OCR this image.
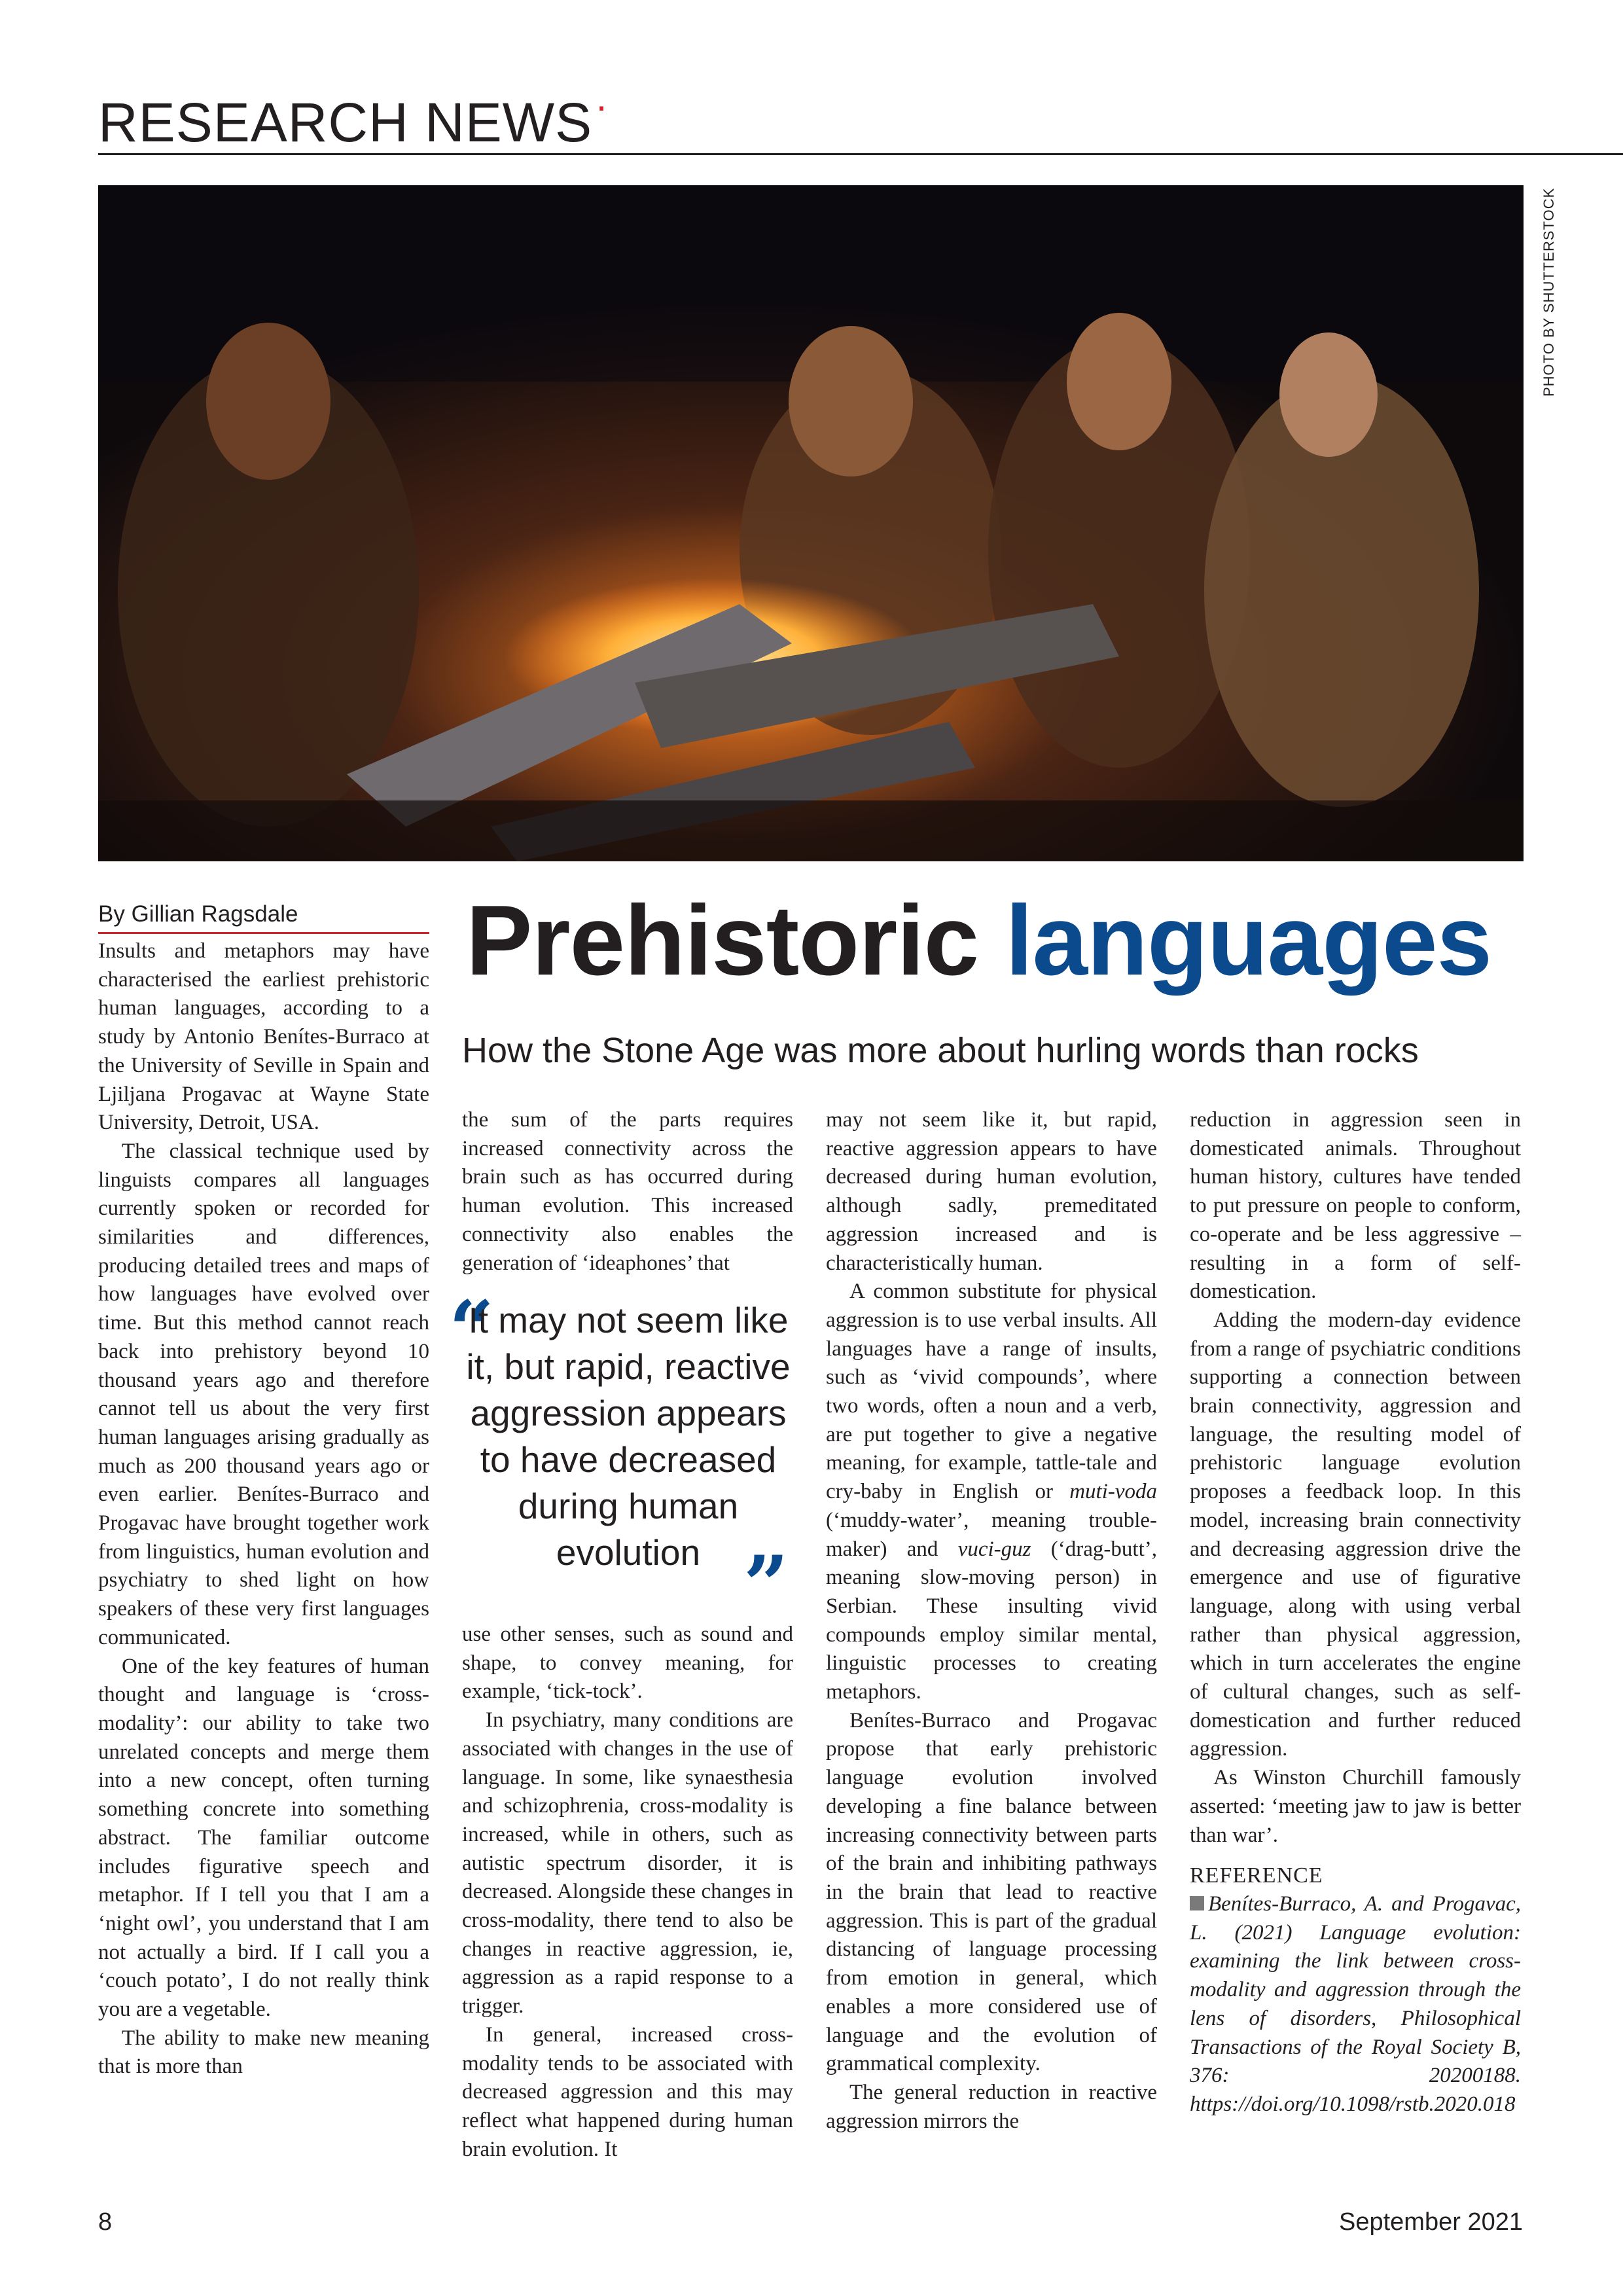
RESEARCH NEWS·
PHOTO BY SHUTTERSTOCK
By Gillian Ragsdale Prehistoric languages
How the Stone Age was more about hurling words than rocks

Insults and metaphors may have characterised the earliest prehistoric human languages, according to a study by Antonio Benítes-Burraco at the University of Seville in Spain and Ljiljana Progavac at Wayne State University, Detroit, USA.

The classical technique used by linguists compares all languages currently spoken or recorded for similarities and differences, producing detailed trees and maps of how languages have evolved over time. But this method cannot reach back into prehistory beyond 10 thousand years ago and therefore cannot tell us about the very first human languages arising gradually as much as 200 thousand years ago or even earlier. Benítes-Burraco and Progavac have brought together work from linguistics, human evolution and psychiatry to shed light on how speakers of these very first languages communicated.

One of the key features of human thought and language is ‘cross-modality’: our ability to take two unrelated concepts and merge them into a new concept, often turning something concrete into something abstract. The familiar outcome includes figurative speech and metaphor. If I tell you that I am a ‘night owl’, you understand that I am not actually a bird. If I call you a ‘couch potato’, I do not really think you are a vegetable.

The ability to make new meaning that is more than

the sum of the parts requires increased connectivity across the brain such as has occurred during human evolution. This increased connectivity also enables the generation of ‘ideaphones’ that

“
It may not seem like it, but rapid, reactive aggression appears to have decreased during human evolution ”

use other senses, such as sound and shape, to convey meaning, for example, ‘tick-tock’.

In psychiatry, many conditions are associated with changes in the use of language. In some, like synaesthesia and schizophrenia, cross-modality is increased, while in others, such as autistic spectrum disorder, it is decreased. Alongside these changes in cross-modality, there tend to also be changes in reactive aggression, ie, aggression as a rapid response to a trigger.

In general, increased cross-modality tends to be associated with decreased aggression and this may reflect what happened during human brain evolution. It

may not seem like it, but rapid, reactive aggression appears to have decreased during human evolution, although sadly, premeditated aggression increased and is characteristically human.

A common substitute for physical aggression is to use verbal insults. All languages have a range of insults, such as ‘vivid compounds’, where two words, often a noun and a verb, are put together to give a negative meaning, for example, tattle-tale and cry-baby in English or muti-voda (‘muddy-water’, meaning trouble-maker) and vuci-guz (‘drag-butt’, meaning slow-moving person) in Serbian. These insulting vivid compounds employ similar mental, linguistic processes to creating metaphors.

Benítes-Burraco and Progavac propose that early prehistoric language evolution involved developing a fine balance between increasing connectivity between parts of the brain and inhibiting pathways in the brain that lead to reactive aggression. This is part of the gradual distancing of language processing from emotion in general, which enables a more considered use of language and the evolution of grammatical complexity.

The general reduction in reactive aggression mirrors the

reduction in aggression seen in domesticated animals. Throughout human history, cultures have tended to put pressure on people to conform, co-operate and be less aggressive – resulting in a form of self-domestication.

Adding the modern-day evidence from a range of psychiatric conditions supporting a connection between brain connectivity, aggression and language, the resulting model of prehistoric language evolution proposes a feedback loop. In this model, increasing brain connectivity and decreasing aggression drive the emergence and use of figurative language, along with using verbal rather than physical aggression, which in turn accelerates the engine of cultural changes, such as self-domestication and further reduced aggression.

As Winston Churchill famously asserted: ‘meeting jaw to jaw is better than war’.

REFERENCE

Benítes-Burraco, A. and Progavac, L. (2021) Language evolution: examining the link between cross-modality and aggression through the lens of disorders, Philosophical Transactions of the Royal Society B, 376: 20200188. https://doi.org/10.1098/rstb.2020.018

8	September 2021
